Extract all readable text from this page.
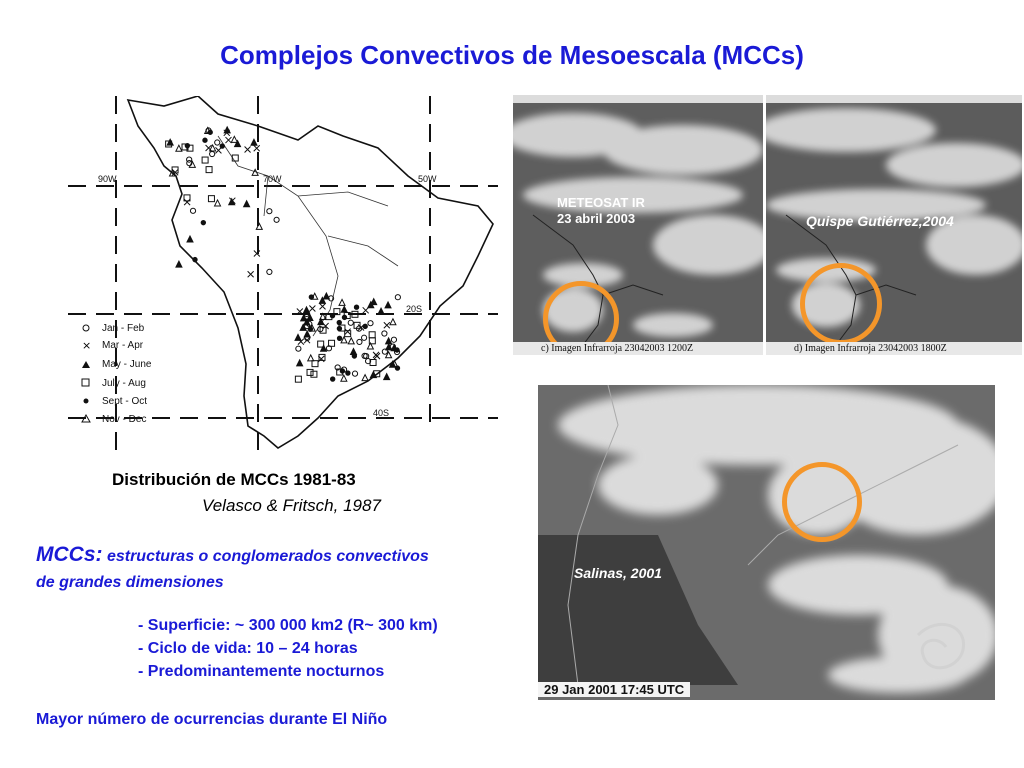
Complejos Convectivos de Mesoescala (MCCs)
90W	70W	50W
20S
40S
Jan - Feb
× Mar - Apr
May - June
July - Aug
Sept - Oct
Nov - Dec
Distribución de MCCs 1981-83
Velasco & Fritsch, 1987
METEOSAT IR
23 abril 2003
c) Imagen Infrarroja 23042003 1200Z
Quispe Gutiérrez,2004
d) Imagen Infrarroja 23042003 1800Z
Salinas, 2001
29 Jan 2001 17:45 UTC
MCCs: estructuras o conglomerados convectivos
de grandes dimensiones
- Superficie: ~ 300 000 km2 (R~ 300 km)
- Ciclo de vida: 10 – 24 horas
- Predominantemente nocturnos
Mayor número de ocurrencias durante El Niño
